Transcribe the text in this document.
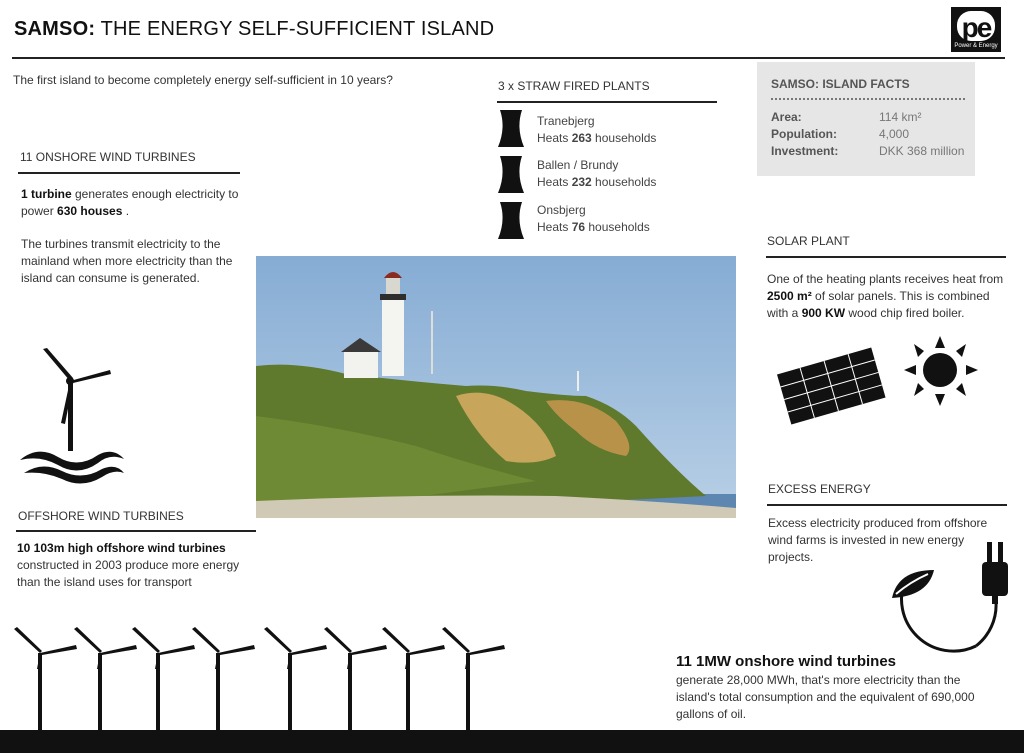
SAMSO: THE ENERGY SELF-SUFFICIENT ISLAND	pe
Power & Energy
The first island to become completely energy self-sufficient in 10 years?
11 ONSHORE WIND TURBINES
1 turbine generates enough electricity to power 630 houses .
The turbines transmit electricity to the mainland when more electricity than the island can consume is generated.
OFFSHORE WIND TURBINES
10 103m high offshore wind turbines
constructed in 2003 produce more energy than the island uses for transport
3 x STRAW FIRED PLANTS
Tranebjerg
Heats 263 households
Ballen / Brundy
Heats 232 households
Onsbjerg
Heats 76 households
SAMSO: ISLAND FACTS
Area:	114 km²
Population:	4,000
Investment:	DKK 368 million
SOLAR PLANT
One of the heating plants receives heat from 2500 m² of solar panels. This is combined with a 900 KW wood chip fired boiler.
EXCESS ENERGY
Excess electricity produced from offshore wind farms is invested in new energy projects.
11 1MW onshore wind turbines
generate 28,000 MWh, that's more electricity than the island's total consumption and the equivalent of 690,000 gallons of oil.
